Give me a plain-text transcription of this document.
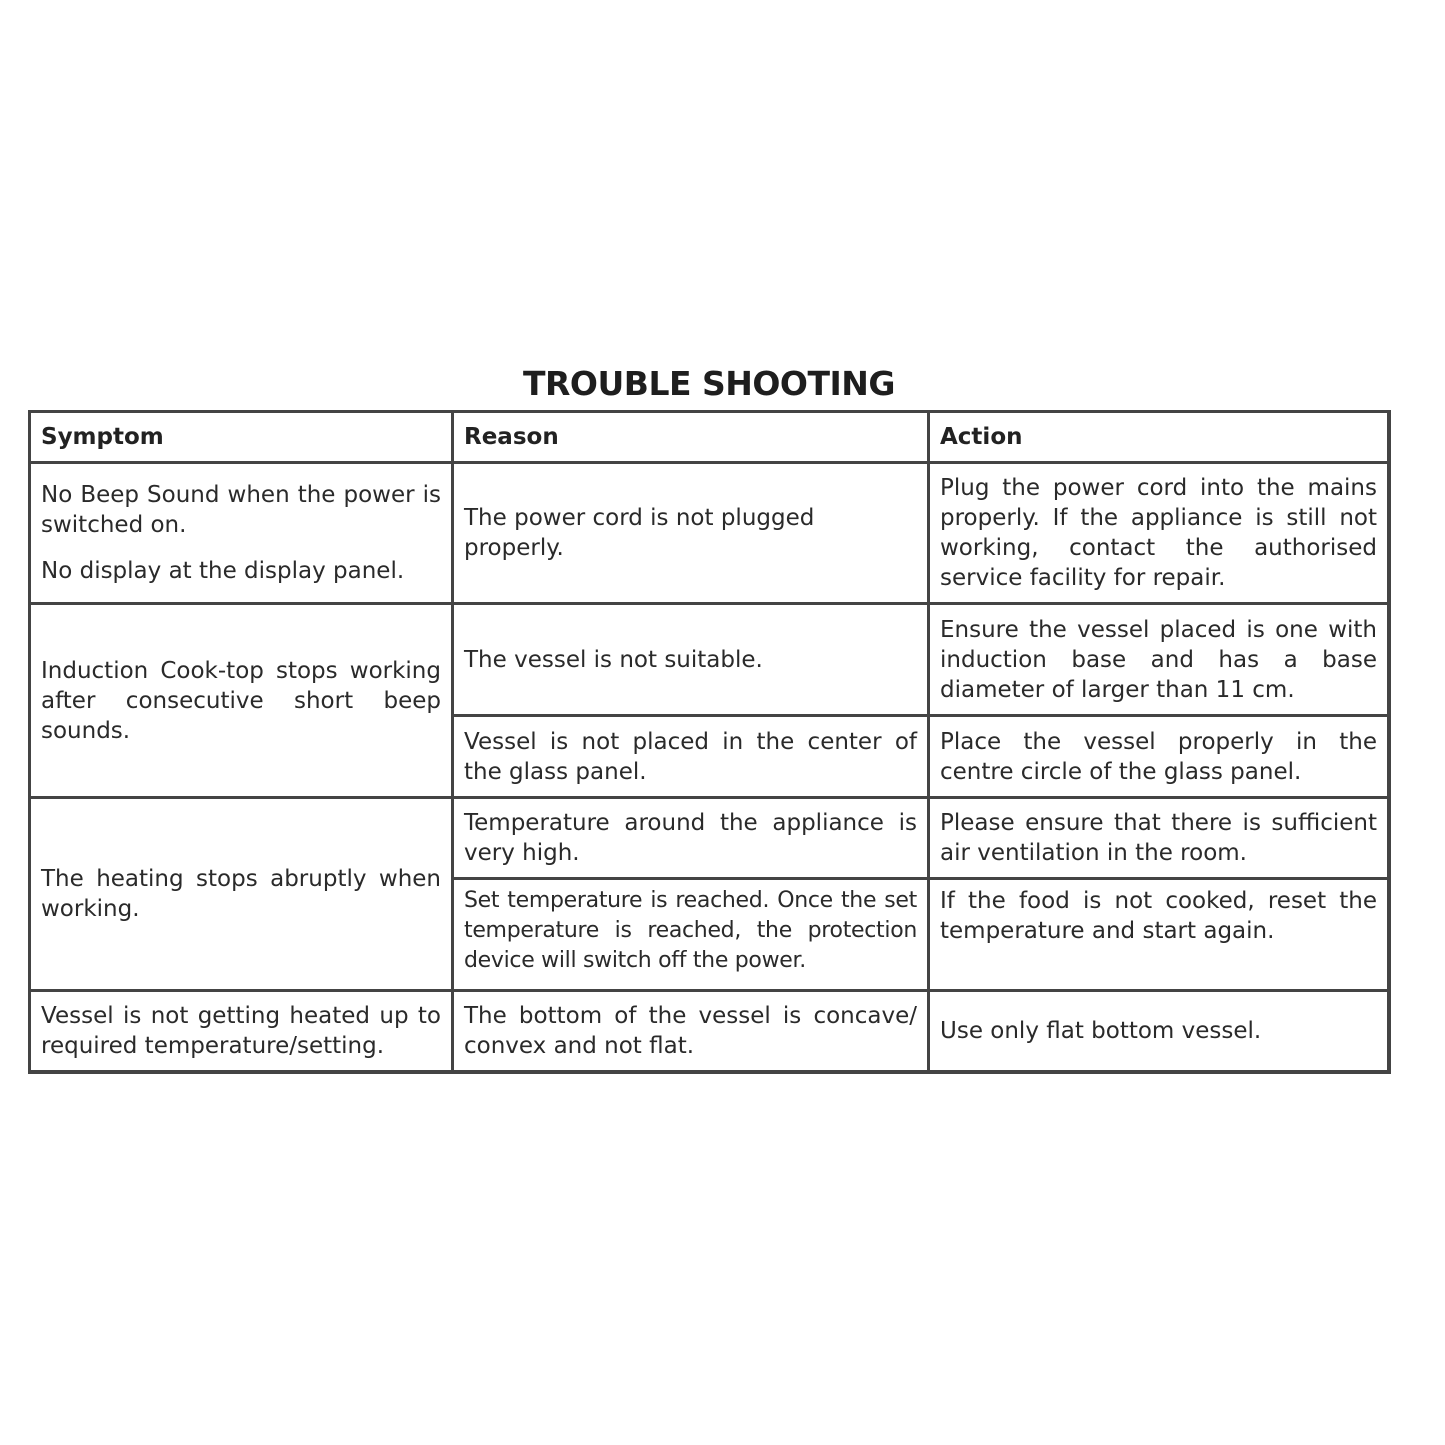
TROUBLE SHOOTING
Symptom	Reason	Action
No Beep Sound when the power is switched on.
No display at the display panel.
The power cord is not plugged properly.
Plug the power cord into the mains properly. If the appliance is still not working, contact the authorised service facility for repair.
Induction Cook-top stops working after consecutive short beep sounds.
The vessel is not suitable.
Ensure the vessel placed is one with induction base and has a base diameter of larger than 11 cm.
Vessel is not placed in the center of the glass panel.
Place the vessel properly in the centre circle of the glass panel.
The heating stops abruptly when working.
Temperature around the appliance is very high.
Please ensure that there is sufficient air ventilation in the room.
Set temperature is reached. Once the set temperature is reached, the protection device will switch off the power.
If the food is not cooked, reset the temperature and start again.
Vessel is not getting heated up to required temperature/setting.
The bottom of the vessel is concave/ convex and not flat.
Use only flat bottom vessel.
